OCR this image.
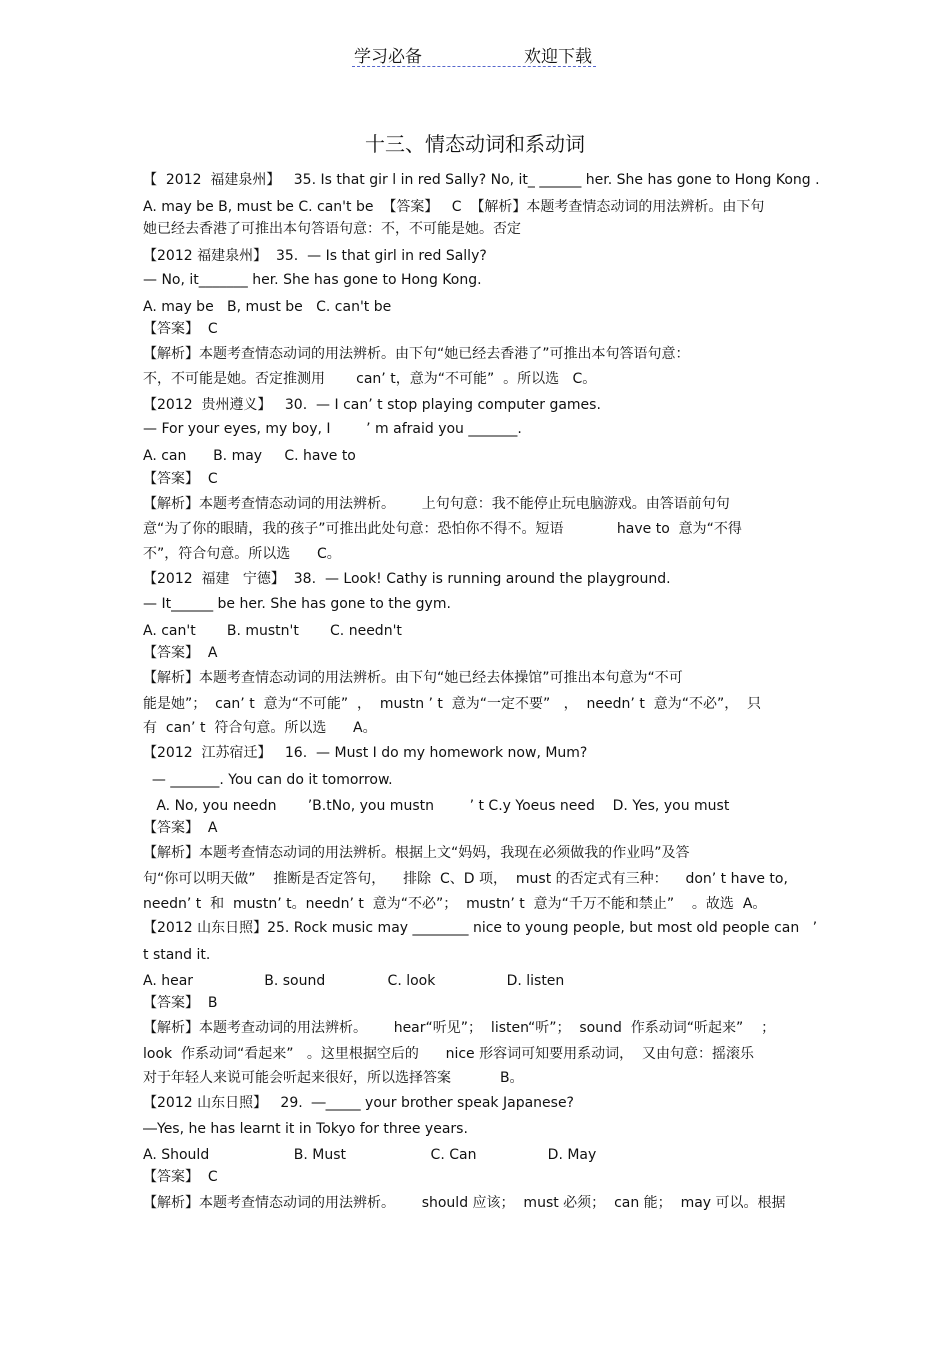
学习必备	欢迎下载
十三、情态动词和系动词
【  2012  福建泉州】   35. Is that gir l in red Sally? No, it_ ______ her. She has gone to Hong Kong .
A. may be B, must be C. can't be  【答案】   C  【解析】本题考查情态动词的用法辨析。由下句
她已经去香港了可推出本句答语句意：不，不可能是她。否定
【2012 福建泉州】  35.  — Is that girl in red Sally?
— No, it_______ her. She has gone to Hong Kong.
A. may be   B, must be   C. can't be
【答案】  C
【解析】本题考查情态动词的用法辨析。由下句“她已经去香港了”可推出本句答语句意：
不，不可能是她。否定推测用       can’ t，意为“不可能”  。所以选   C。
【2012  贵州遵义】   30.  — I can’ t stop playing computer games.
— For your eyes, my boy, I        ’ m afraid you _______.
A. can      B. may     C. have to
【答案】  C
【解析】本题考查情态动词的用法辨析。      上句句意：我不能停止玩电脑游戏。由答语前句句
意“为了你的眼睛，我的孩子”可推出此处句意：恐怕你不得不。短语            have to  意为“不得
不”，符合句意。所以选      C。
【2012  福建   宁德】  38.  — Look! Cathy is running around the playground.
— It______ be her. She has gone to the gym.
A. can't       B. mustn't       C. needn't
【答案】  A
【解析】本题考查情态动词的用法辨析。由下句“她已经去体操馆”可推出本句意为“不可
能是她”；  can’ t  意为“不可能”  ，  mustn ’ t  意为“一定不要”   ，  needn’ t  意为“不必”，  只
有  can’ t  符合句意。所以选      A。
【2012  江苏宿迁】   16.  — Must I do my homework now, Mum?
— _______. You can do it tomorrow.
A. No, you needn       ’B.tNo, you mustn        ’ t C.y Yoeus need    D. Yes, you must
【答案】  A
【解析】本题考查情态动词的用法辨析。根据上文“妈妈，我现在必须做我的作业吗”及答
句“你可以明天做”    推断是否定答句，    排除  C、D 项，  must 的否定式有三种：    don’ t have to,
needn’ t  和  mustn’ t。needn’ t  意为“不必”；  mustn’ t  意为“千万不能和禁止”    。故选  A。
【2012 山东日照】25. Rock music may ________ nice to young people, but most old people can   ’
t stand it.
A. hear                B. sound              C. look                D. listen
【答案】  B
【解析】本题考查动词的用法辨析。      hear“听见”；  listen“听”；  sound  作系动词“听起来”    ；
look  作系动词“看起来”   。这里根据空后的      nice 形容词可知要用系动词，  又由句意：摇滚乐
对于年轻人来说可能会听起来很好，所以选择答案           B。
【2012 山东日照】   29.  ―_____ your brother speak Japanese?
―Yes, he has learnt it in Tokyo for three years.
A. Should                   B. Must                   C. Can                D. May
【答案】  C
【解析】本题考查情态动词的用法辨析。      should 应该；  must 必须；  can 能；  may 可以。根据
